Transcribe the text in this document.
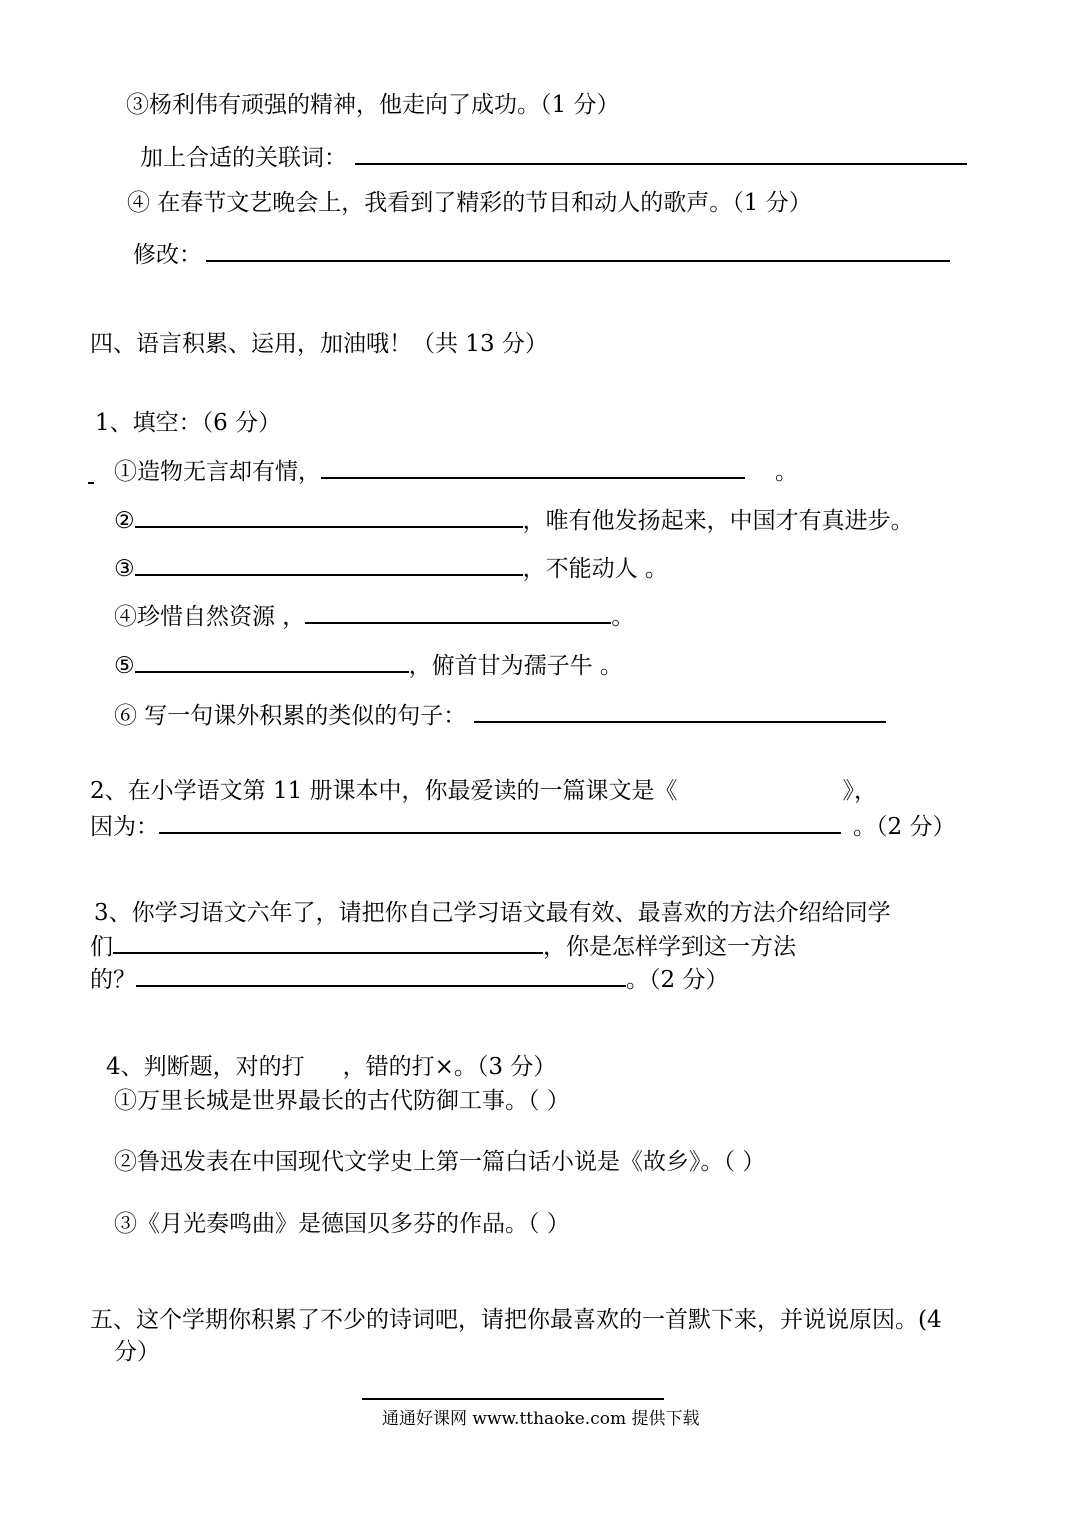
③杨利伟有顽强的精神，他走向了成功。（1 分）
加上合适的关联词：
④ 在春节文艺晚会上，我看到了精彩的节目和动人的歌声。（1 分）
修改：
四、语言积累、运用，加油哦！（共 13 分）
1、填空：（6 分）
①造物无言却有情，	。
②	，唯有他发扬起来，中国才有真进步。
③	，不能动人 。
④珍惜自然资源 ，	。
⑤	，俯首甘为孺子牛 。
⑥ 写一句课外积累的类似的句子：
2、在小学语文第 11 册课本中，你最爱读的一篇课文是《	》，
因为：	。（2 分）
3、你学习语文六年了，请把你自己学习语文最有效、最喜欢的方法介绍给同学
们	，你是怎样学到这一方法
的？	。（2 分）
4、判断题，对的打 ，错的打×。（3 分）
①万里长城是世界最长的古代防御工事。（ ）
②鲁迅发表在中国现代文学史上第一篇白话小说是《故乡》。（ ）
③《月光奏鸣曲》是德国贝多芬的作品。（ ）
五、这个学期你积累了不少的诗词吧，请把你最喜欢的一首默下来，并说说原因。(4
分）
通通好课网 www.tthaoke.com 提供下载
